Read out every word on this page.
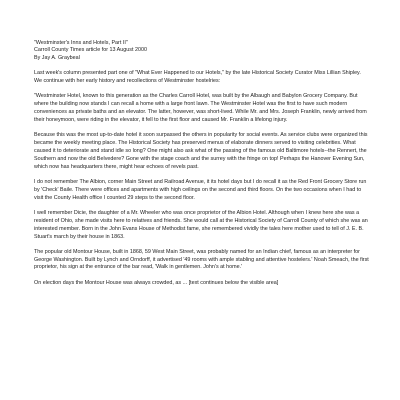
"Westminster's Inns and Hotels, Part II"

Carroll County Times article for 13 August 2000

By Jay A. Graybeal

Last week's column presented part one of "What Ever Happened to our Hotels," by the late Historical Society Curator Miss Lillian Shipley. We continue with her early history and recollections of Westminster hostelries:

"Westminster Hotel, known to this generation as the Charles Carroll Hotel, was built by the Albaugh and Babylon Grocery Company. But where the building now stands I can recall a home with a large front lawn. The Westminster Hotel was the first to have such modern conveniences as private baths and an elevator. The latter, however, was short-lived. While Mr. and Mrs. Joseph Franklin, newly arrived from their honeymoon, were riding in the elevator, it fell to the first floor and caused Mr. Franklin a lifelong injury.

Because this was the most up-to-date hotel it soon surpassed the others in popularity for social events. As service clubs were organized this became the weekly meeting place. The Historical Society has preserved menus of elaborate dinners served to visiting celebrities. What caused it to deteriorate and stand idle so long? One might also ask what of the passing of the famous old Baltimore hotels--the Rennert, the Southern and now the old Belvedere? Gone with the stage coach and the surrey with the fringe on top! Perhaps the Hanover Evening Sun, which now has headquarters there, might hear echoes of revels past.

I do not remember The Albion, corner Main Street and Railroad Avenue, it its hotel days but I do recall it as the Red Front Grocery Store run by 'Check' Baile. There were offices and apartments with high ceilings on the second and third floors. On the two occasions when I had to visit the County Health office I counted 29 steps to the second floor.

I well remember Dicie, the daughter of a Mr. Wheeler who was once proprietor of the Albion Hotel. Although when I knew here she was a resident of Ohio, she made visits here to relatives and friends. She would call at the Historical Society of Carroll County of which she was an interested member. Born in the John Evans House of Methodist fame, she remembered vividly the tales here mother used to tell of J. E. B. Stuart's march by their house in 1863.

The popular old Montour House, built in 1868, 59 West Main Street, was probably named for an Indian chief, famous as an interpreter for George Washington. Built by Lynch and Orndorff, it advertised '49 rooms with ample stabling and attentive hostelers.' Noah Smeach, the first proprietor, his sign at the entrance of the bar read, 'Walk in gentlemen. John's at home.'

On election days the Montour House was always crowded, as ... [text continues below the visible area]
